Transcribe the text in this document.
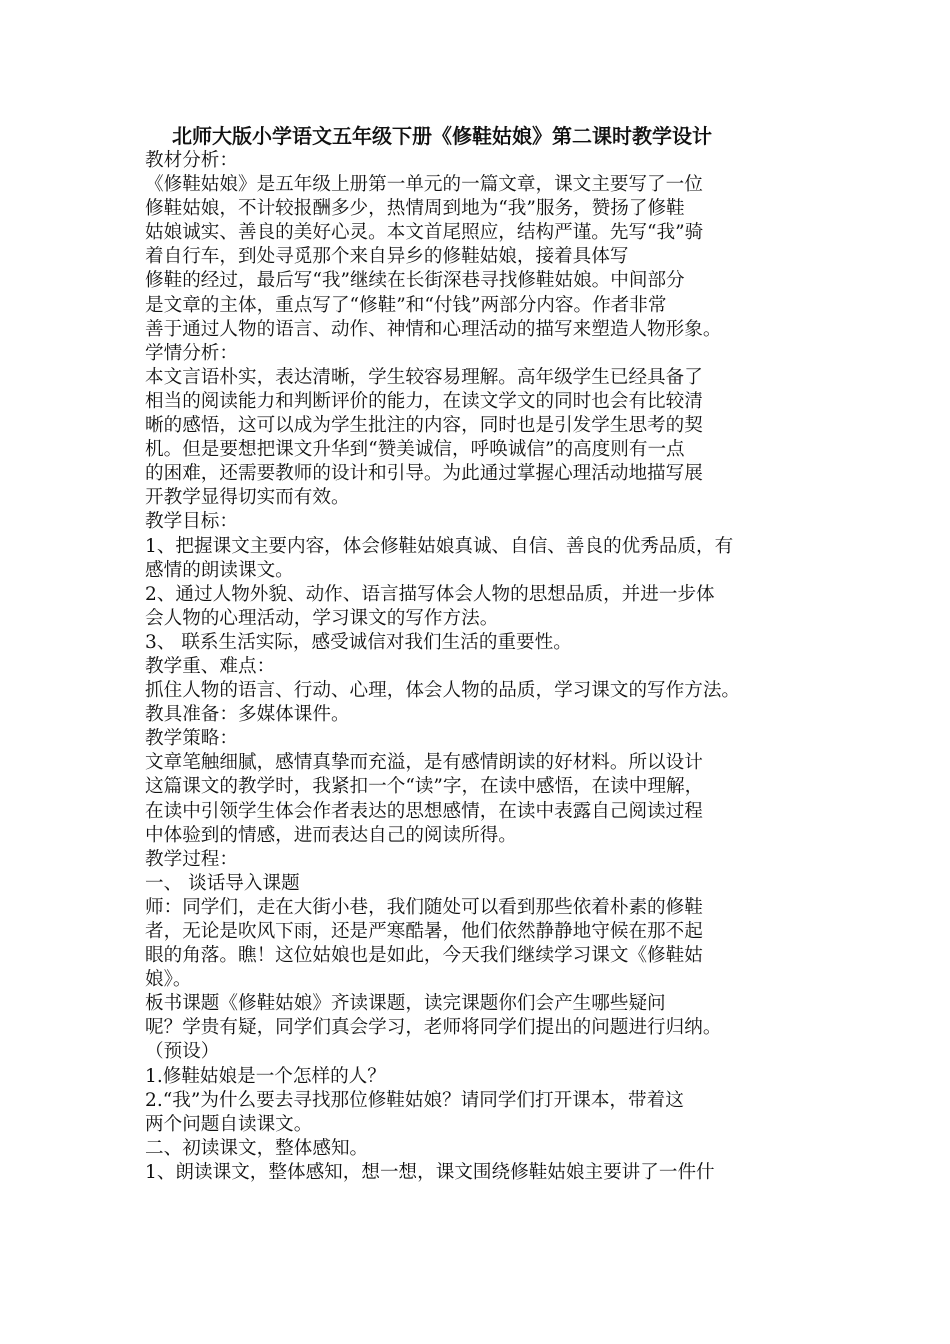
北师大版小学语文五年级下册《修鞋姑娘》第二课时教学设计

教材分析：

《修鞋姑娘》是五年级上册第一单元的一篇文章，课文主要写了一位

修鞋姑娘，不计较报酬多少，热情周到地为“我”服务，赞扬了修鞋

姑娘诚实、善良的美好心灵。本文首尾照应，结构严谨。先写“我”骑

着自行车，到处寻觅那个来自异乡的修鞋姑娘，接着具体写

修鞋的经过，最后写“我”继续在长街深巷寻找修鞋姑娘。中间部分

是文章的主体，重点写了“修鞋”和“付钱”两部分内容。作者非常

善于通过人物的语言、动作、神情和心理活动的描写来塑造人物形象。

学情分析：

本文言语朴实，表达清晰，学生较容易理解。高年级学生已经具备了

相当的阅读能力和判断评价的能力，在读文学文的同时也会有比较清

晰的感悟，这可以成为学生批注的内容，同时也是引发学生思考的契

机。但是要想把课文升华到“赞美诚信，呼唤诚信”的高度则有一点

的困难，还需要教师的设计和引导。为此通过掌握心理活动地描写展

开教学显得切实而有效。

教学目标：

1、把握课文主要内容，体会修鞋姑娘真诚、自信、善良的优秀品质，有

感情的朗读课文。

2、通过人物外貌、动作、语言描写体会人物的思想品质，并进一步体

会人物的心理活动，学习课文的写作方法。

3、 联系生活实际，感受诚信对我们生活的重要性。

教学重、难点：

抓住人物的语言、行动、心理，体会人物的品质，学习课文的写作方法。

教具准备：多媒体课件。

教学策略：

文章笔触细腻，感情真挚而充溢，是有感情朗读的好材料。所以设计

这篇课文的教学时，我紧扣一个“读”字，在读中感悟，在读中理解，

在读中引领学生体会作者表达的思想感情，在读中表露自己阅读过程

中体验到的情感，进而表达自己的阅读所得。

教学过程：

一、 谈话导入课题

师：同学们，走在大街小巷，我们随处可以看到那些依着朴素的修鞋

者，无论是吹风下雨，还是严寒酷暑，他们依然静静地守候在那不起

眼的角落。瞧！这位姑娘也是如此，今天我们继续学习课文《修鞋姑

娘》。

板书课题《修鞋姑娘》齐读课题，读完课题你们会产生哪些疑问

呢？学贵有疑，同学们真会学习，老师将同学们提出的问题进行归纳。

（预设）

1.修鞋姑娘是一个怎样的人？

2.“我”为什么要去寻找那位修鞋姑娘？请同学们打开课本，带着这

两个问题自读课文。

二、初读课文，整体感知。

1、朗读课文，整体感知，想一想，课文围绕修鞋姑娘主要讲了一件什
